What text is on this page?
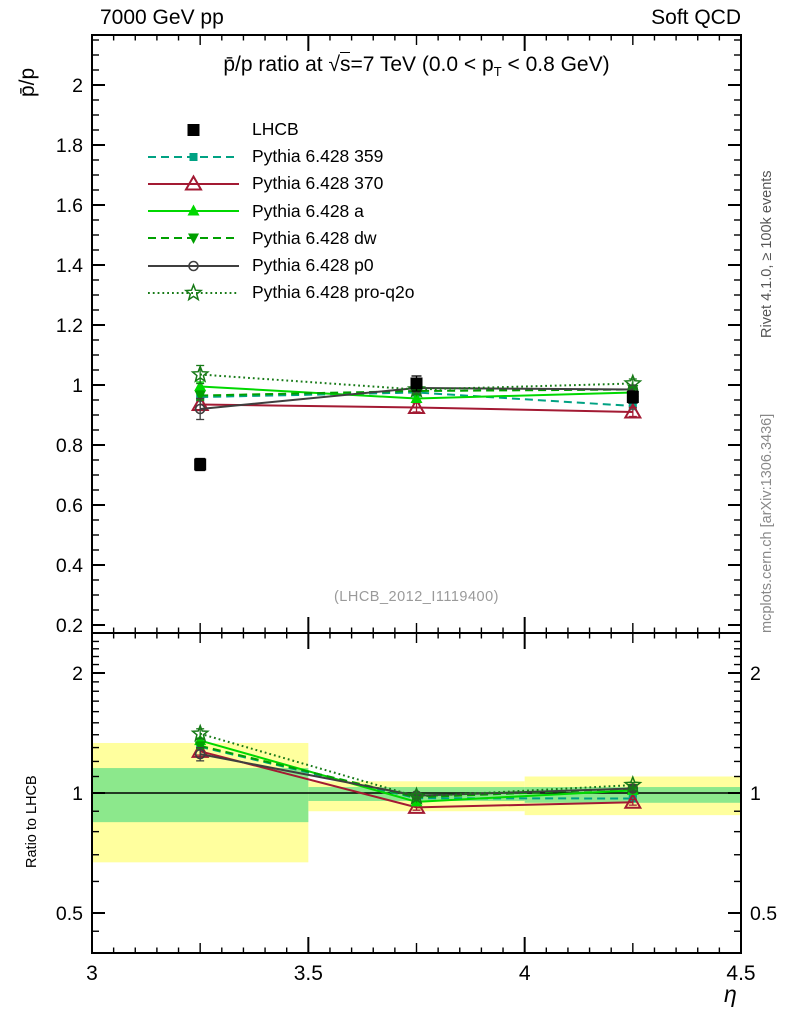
7000 GeV pp	Soft QCD
p̄/p
0.2
0.4
0.6
0.8
1
1.2
1.4
1.6
1.8
2
0.5	0.5
1	1
2	2
3	3.5	4	4.5
p̄/p ratio at √s=7 TeV ($0.0 < p_T < 0.8$ GeV)
LHCB
Pythia 6.428 359
Pythia 6.428 370
Pythia 6.428 a
Pythia 6.428 dw
Pythia 6.428 p0
Pythia 6.428 pro-q2o
(LHCB_2012_I1119400)
Rivet 4.1.0, ≥ 100k events
mcplots.cern.ch [arXiv:1306.3436]
Ratio to LHCB
η
